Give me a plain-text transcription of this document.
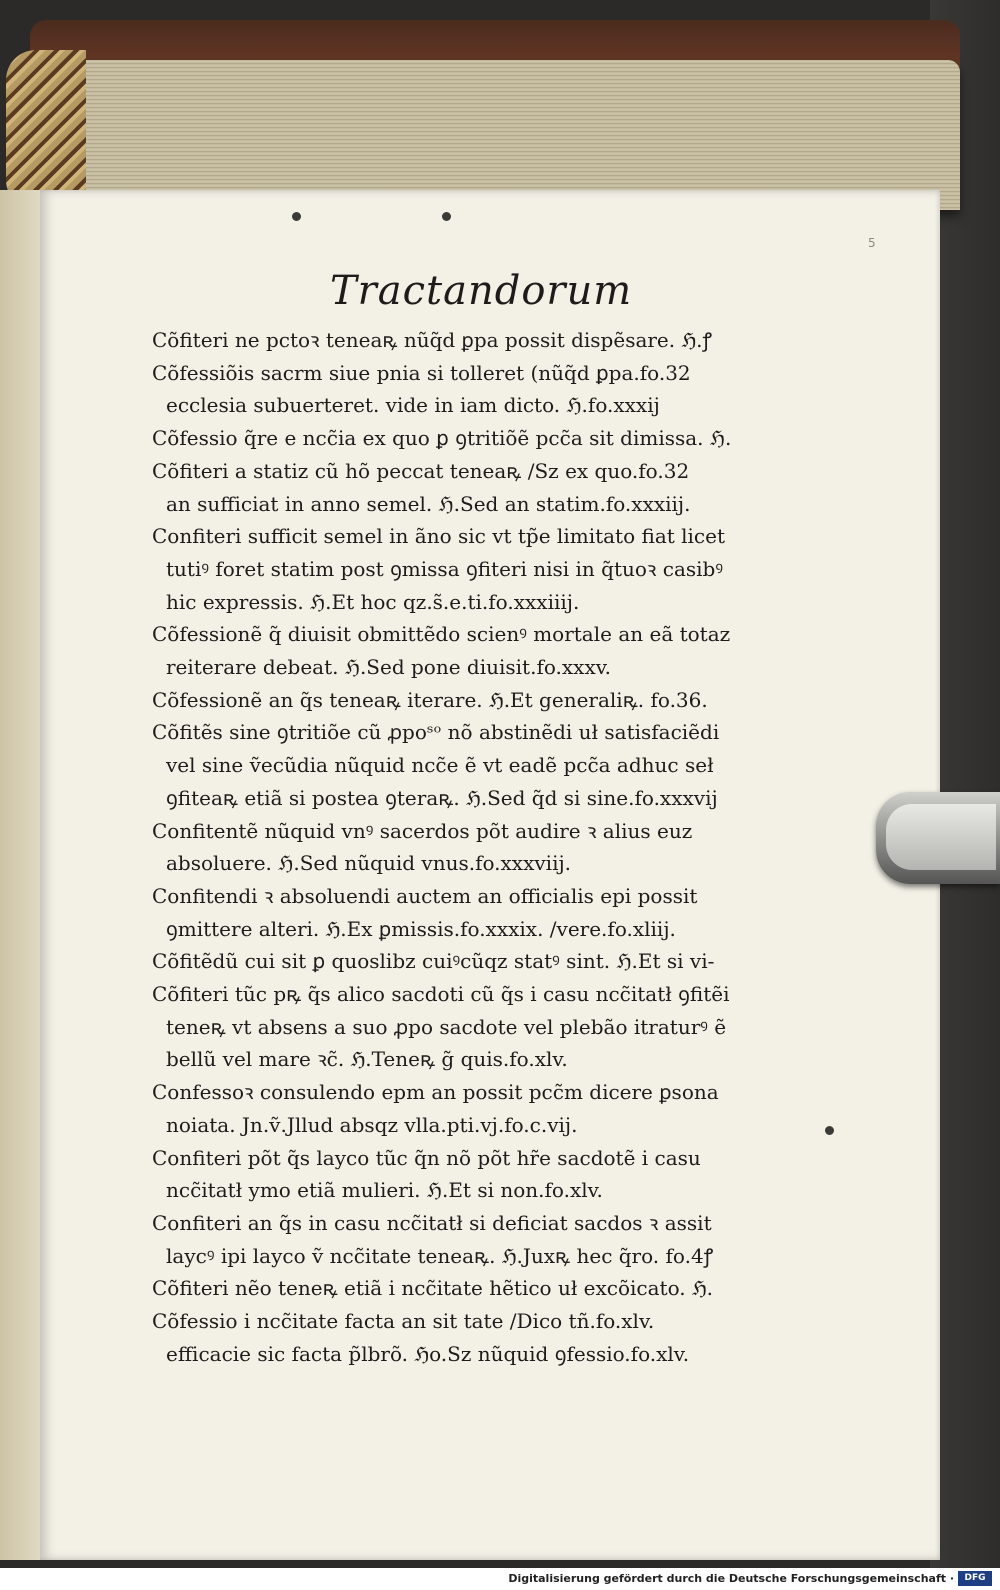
5
Tractandorum
Cõfiteri ne pctoꝛ teneaꝶ nũq̃d ꝑpa possit dispẽsare. ℌ.ꝭ
Cõfessiõis sacrm siue pnia si tolleret (nũq̃d ꝑpa.fo.32
ecclesia subuerteret. vide in iam dicto. ℌ.fo.xxxij
Cõfessio q̃re e ncc̃ia ex quo ꝑ ꝯtritiõẽ pcc̃a sit dimissa. ℌ.
Cõfiteri a statiz cũ hõ peccat teneaꝶ /Sz ex quo.fo.32
an sufficiat in anno semel. ℌ.Sed an statim.fo.xxxiij.
Confiteri sufficit semel in ãno sic vt tp̃e limitato fiat licet
tutiꝰ foret statim post ꝯmissa ꝯfiteri nisi in q̃tuoꝛ casibꝰ
hic expressis. ℌ.Et hoc qz.s̃.e.ti.fo.xxxiiij.
Cõfessionẽ q̃ diuisit obmittẽdo scienꝰ mortale an eã totaz
reiterare debeat. ℌ.Sed pone diuisit.fo.xxxv.
Cõfessionẽ an q̃s teneaꝶ iterare. ℌ.Et generaliꝶ. fo.36.
Cõfitẽs sine ꝯtritiõe cũ ꝓpoˢᵒ nõ abstinẽdi uł satisfaciẽdi
vel sine ṽecũdia nũquid ncc̃e ẽ vt eadẽ pcc̃a adhuc seł
ꝯfiteaꝶ etiã si postea ꝯteraꝶ. ℌ.Sed q̃d si sine.fo.xxxvij
Confitentẽ nũquid vnꝰ sacerdos põt audire ꝛ alius euz
absoluere. ℌ.Sed nũquid vnus.fo.xxxviij.
Confitendi ꝛ absoluendi auctem an officialis epi possit
ꝯmittere alteri. ℌ.Ex ꝑmissis.fo.xxxix. /vere.fo.xliij.
Cõfitẽdũ cui sit ꝑ quoslibz cuiꝰcũqz statꝰ sint. ℌ.Et si vi-
Cõfiteri tũc pꝶ q̃s alico sacdoti cũ q̃s i casu ncc̃itatł ꝯfitẽi
teneꝶ vt absens a suo ꝓpo sacdote vel plebão itraturꝰ ẽ
bellũ vel mare ꝛc̃. ℌ.Teneꝶ g̃ quis.fo.xlv.
Confessoꝛ consulendo epm an possit pcc̃m dicere ꝑsona
noiata. Jn.ṽ.Jllud absqz vlla.pti.vj.fo.c.vij.
Confiteri põt q̃s layco tũc q̃n nõ põt hr̃e sacdotẽ i casu
ncc̃itatł ymo etiã mulieri. ℌ.Et si non.fo.xlv.
Confiteri an q̃s in casu ncc̃itatł si deficiat sacdos ꝛ assit
laycꝰ ipi layco ṽ ncc̃itate teneaꝶ. ℌ.Juxꝶ hec q̃ro. fo.4ꝭ
Cõfiteri nẽo teneꝶ etiã i ncc̃itate hẽtico uł excõicato. ℌ.
Cõfessio i ncc̃itate facta an sit tate /Dico tñ.fo.xlv.
efficacie sic facta p̃lbrõ. ℌo.Sz nũquid ꝯfessio.fo.xlv.
Digitalisierung gefördert durch die Deutsche Forschungsgemeinschaft ·	DFG
